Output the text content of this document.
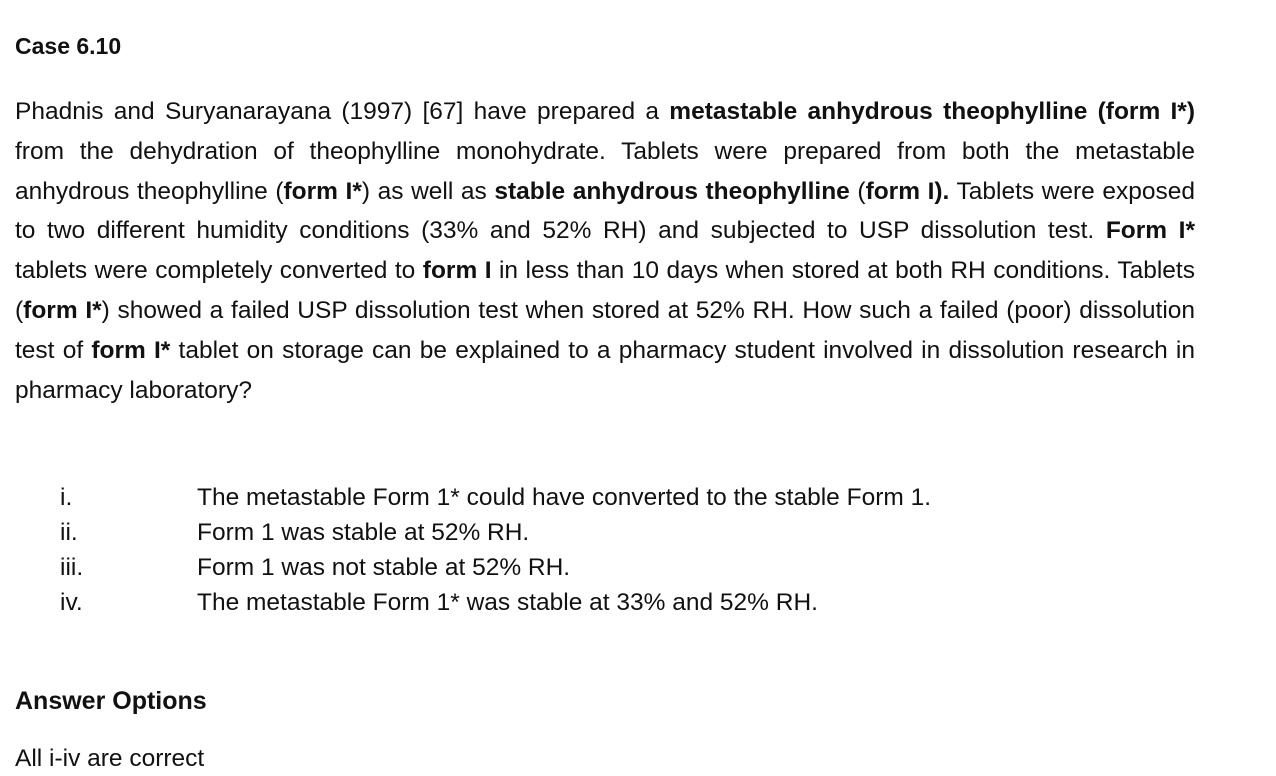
Case 6.10

Phadnis and Suryanarayana (1997) [67] have prepared a metastable anhydrous theophylline (form I*) from the dehydration of theophylline monohydrate. Tablets were prepared from both the metastable anhydrous theophylline (form I*) as well as stable anhydrous theophylline (form I). Tablets were exposed to two different humidity conditions (33% and 52% RH) and subjected to USP dissolution test. Form I* tablets were completely converted to form I in less than 10 days when stored at both RH conditions. Tablets (form I*) showed a failed USP dissolution test when stored at 52% RH. How such a failed (poor) dissolution test of form I* tablet on storage can be explained to a pharmacy student involved in dissolution research in pharmacy laboratory?

i.	The metastable Form 1* could have converted to the stable Form 1.
ii.	Form 1 was stable at 52% RH.
iii.	Form 1 was not stable at 52% RH.
iv.	The metastable Form 1* was stable at 33% and 52% RH.
Answer Options

All i-iv are correct
